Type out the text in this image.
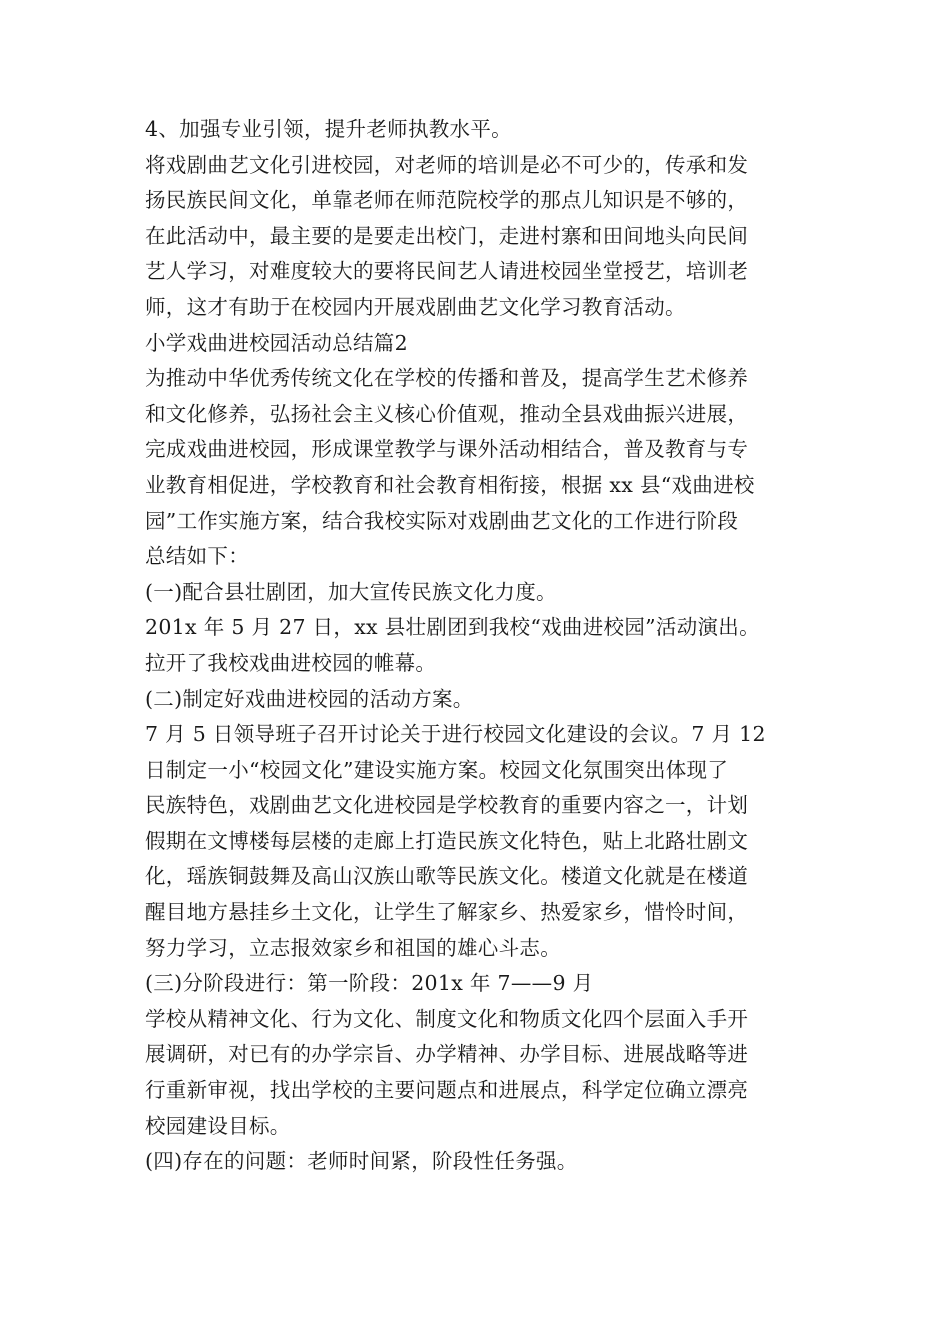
4、加强专业引领，提升老师执教水平。
将戏剧曲艺文化引进校园，对老师的培训是必不可少的，传承和发
扬民族民间文化，单靠老师在师范院校学的那点儿知识是不够的，
在此活动中，最主要的是要走出校门，走进村寨和田间地头向民间
艺人学习，对难度较大的要将民间艺人请进校园坐堂授艺，培训老
师，这才有助于在校园内开展戏剧曲艺文化学习教育活动。
小学戏曲进校园活动总结篇2
为推动中华优秀传统文化在学校的传播和普及，提高学生艺术修养
和文化修养，弘扬社会主义核心价值观，推动全县戏曲振兴进展，
完成戏曲进校园，形成课堂教学与课外活动相结合，普及教育与专
业教育相促进，学校教育和社会教育相衔接，根据 xx 县“戏曲进校
园”工作实施方案，结合我校实际对戏剧曲艺文化的工作进行阶段
总结如下：
(一)配合县壮剧团，加大宣传民族文化力度。
201x 年 5 月 27 日，xx 县壮剧团到我校“戏曲进校园”活动演出。
拉开了我校戏曲进校园的帷幕。
(二)制定好戏曲进校园的活动方案。
7 月 5 日领导班子召开讨论关于进行校园文化建设的会议。7 月 12
日制定一小“校园文化”建设实施方案。校园文化氛围突出体现了
民族特色，戏剧曲艺文化进校园是学校教育的重要内容之一，计划
假期在文博楼每层楼的走廊上打造民族文化特色，贴上北路壮剧文
化，瑶族铜鼓舞及高山汉族山歌等民族文化。楼道文化就是在楼道
醒目地方悬挂乡土文化，让学生了解家乡、热爱家乡，惜怜时间，
努力学习，立志报效家乡和祖国的雄心斗志。
(三)分阶段进行：第一阶段：201x 年 7——9 月
学校从精神文化、行为文化、制度文化和物质文化四个层面入手开
展调研，对已有的办学宗旨、办学精神、办学目标、进展战略等进
行重新审视，找出学校的主要问题点和进展点，科学定位确立漂亮
校园建设目标。
(四)存在的问题：老师时间紧，阶段性任务强。
